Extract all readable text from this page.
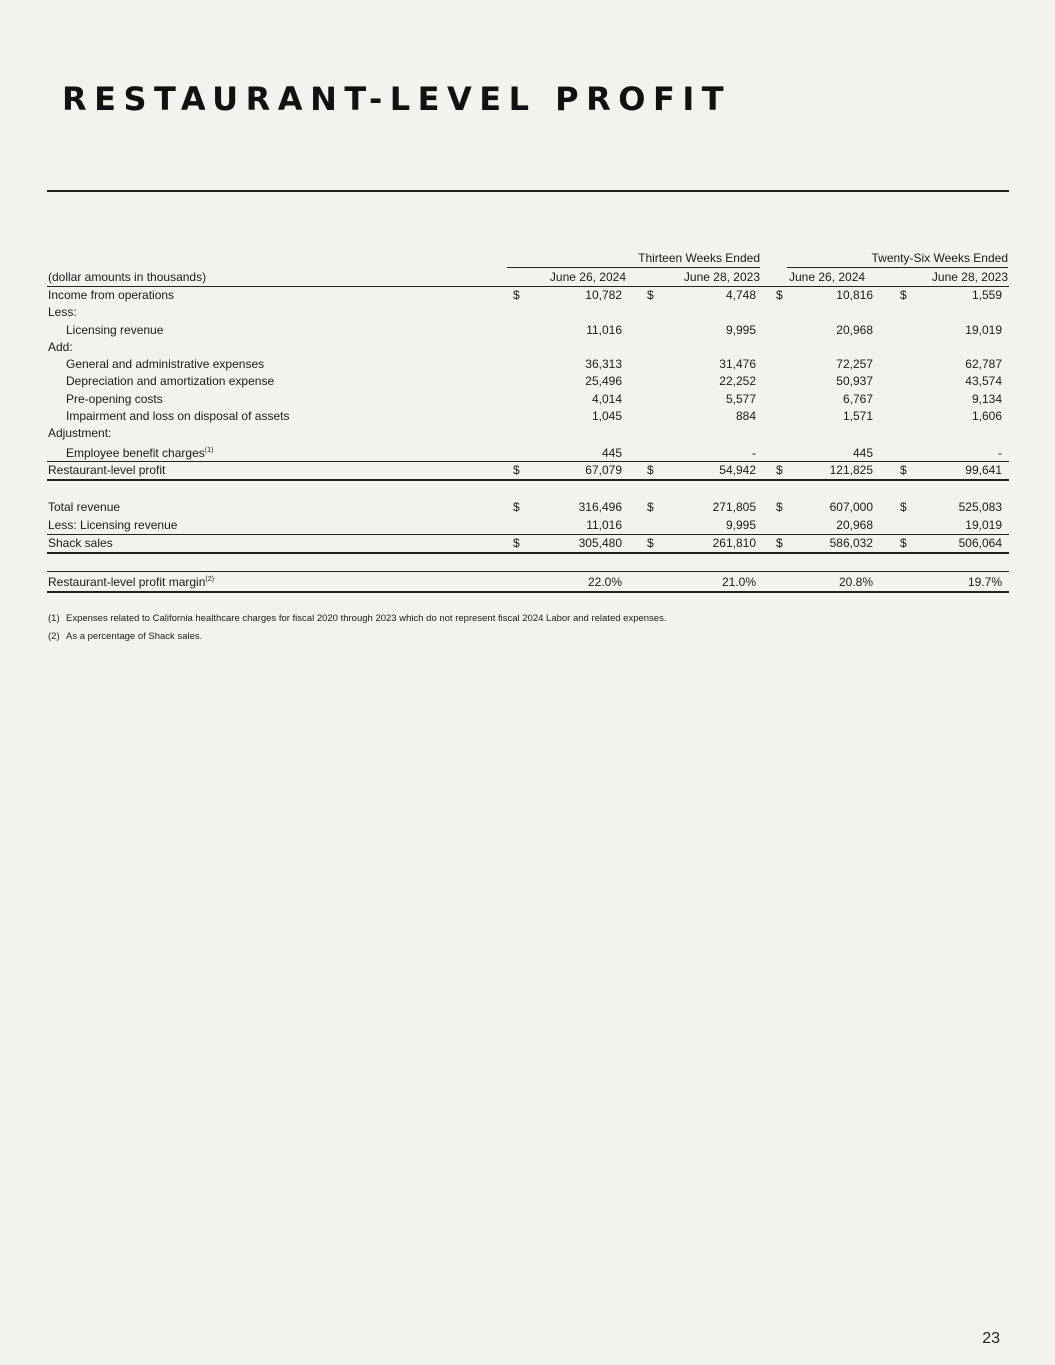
RESTAURANT-LEVEL PROFIT
Thirteen Weeks Ended	Twenty-Six Weeks Ended
(dollar amounts in thousands)	June 26, 2024	June 28, 2023 June 26, 2024	June 28, 2023
Income from operations	$	10,782 $	4,748 $	10,816 $	1,559
Less:
Licensing revenue	11,016	9,995	20,968	19,019
Add:
General and administrative expenses	36,313	31,476	72,257	62,787
Depreciation and amortization expense	25,496	22,252	50,937	43,574
Pre-opening costs	4,014	5,577	6,767	9,134
Impairment and loss on disposal of assets	1,045	884	1,571	1,606
Adjustment:
Employee benefit charges$^{(1)}$	445	-	445	-
Restaurant-level profit	$	67,079 $	54,942 $	121,825 $	99,641
Total revenue	$	316,496 $	271,805 $	607,000 $	525,083
Less: Licensing revenue	11,016	9,995	20,968	19,019
Shack sales	$	305,480 $	261,810 $	586,032 $	506,064
Restaurant-level profit margin$^{(2)}$	22.0%	21.0%	20.8%	19.7%
(1) Expenses related to California healthcare charges for fiscal 2020 through 2023 which do not represent fiscal 2024 Labor and related expenses.
(2) As a percentage of Shack sales.
23
